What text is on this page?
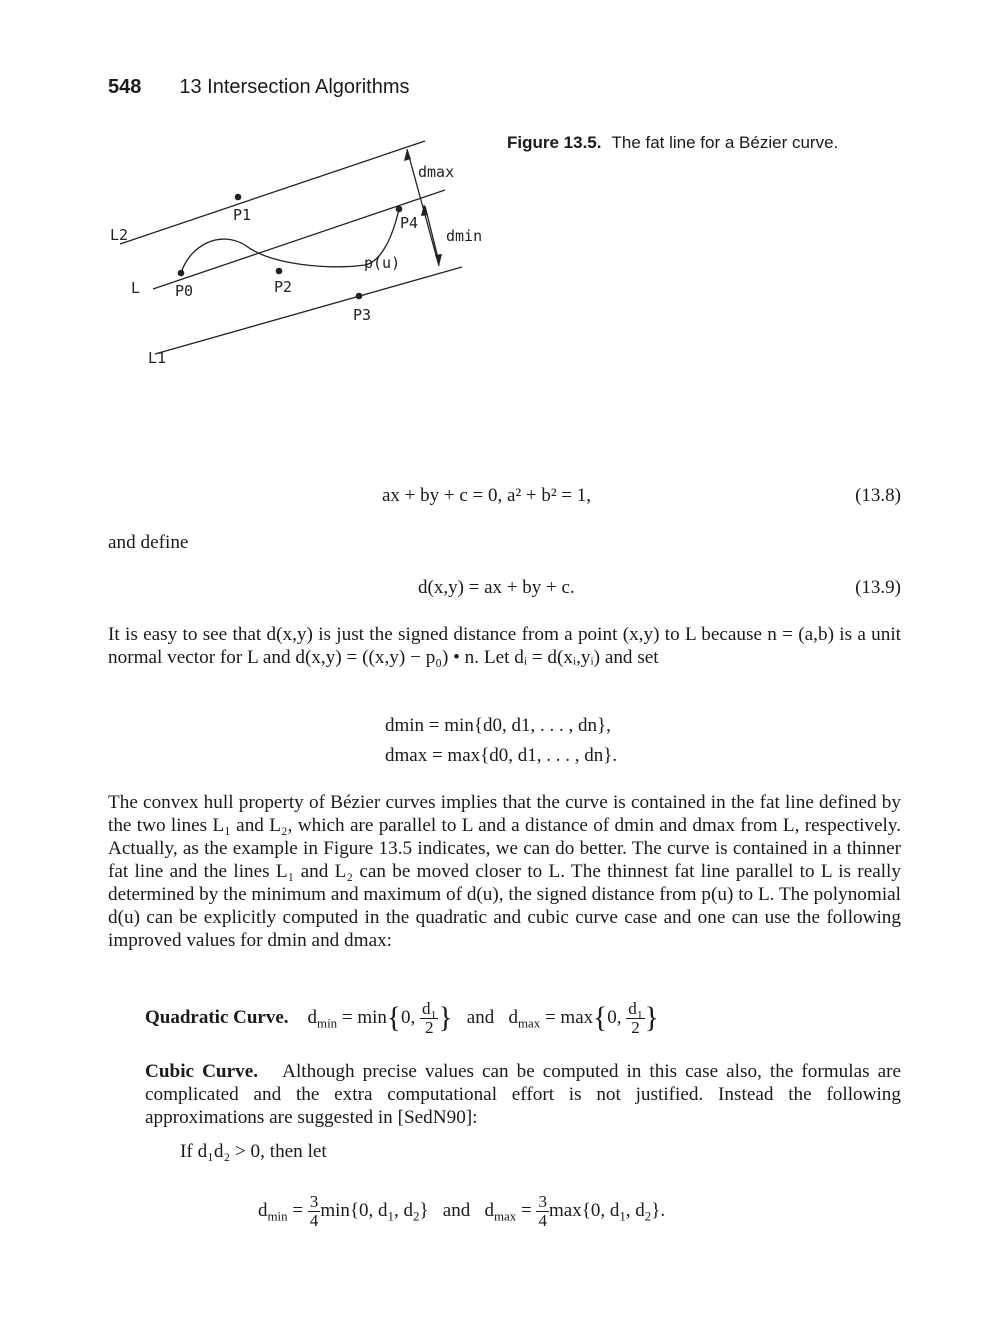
548 13 Intersection Algorithms
L2
L
L1
P0
P1
P2
P3
P4
p(u)
dmax
dmin
Figure 13.5. The fat line for a Bézier curve.
ax + by + c = 0, a² + b² = 1,	(13.8)
and define
d(x,y) = ax + by + c.	(13.9)
It is easy to see that d(x,y) is just the signed distance from a point (x,y) to L because n = (a,b) is a unit normal vector for L and d(x,y) = ((x,y) − p₀) • n. Let dᵢ = d(xᵢ,yᵢ) and set
dmin = min{d0, d1, . . . , dn},
dmax = max{d0, d1, . . . , dn}.
The convex hull property of Bézier curves implies that the curve is contained in the fat line defined by the two lines L₁ and L₂, which are parallel to L and a distance of dmin and dmax from L, respectively. Actually, as the example in Figure 13.5 indicates, we can do better. The curve is contained in a thinner fat line and the lines L₁ and L₂ can be moved closer to L. The thinnest fat line parallel to L is really determined by the minimum and maximum of d(u), the signed distance from p(u) to L. The polynomial d(u) can be explicitly computed in the quadratic and cubic curve case and one can use the following improved values for dmin and dmax:
Quadratic Curve.    $d_{min} = \min\{0$, $\frac{d_1}{2}$ }   and   $d_{max} = \max\{0$, $\frac{d_1}{2}$ }
Cubic Curve. Although precise values can be computed in this case also, the formulas are complicated and the extra computational effort is not justified. Instead the following approximations are suggested in [SedN90]:
If d₁d₂ > 0, then let
$d_{min} = \frac{3}{4} \min\{0$, $d_1$, $d_2$}   and   $d_{max} = \frac{3}{4} \max\{0$, $d_1$, $d_2$}.
